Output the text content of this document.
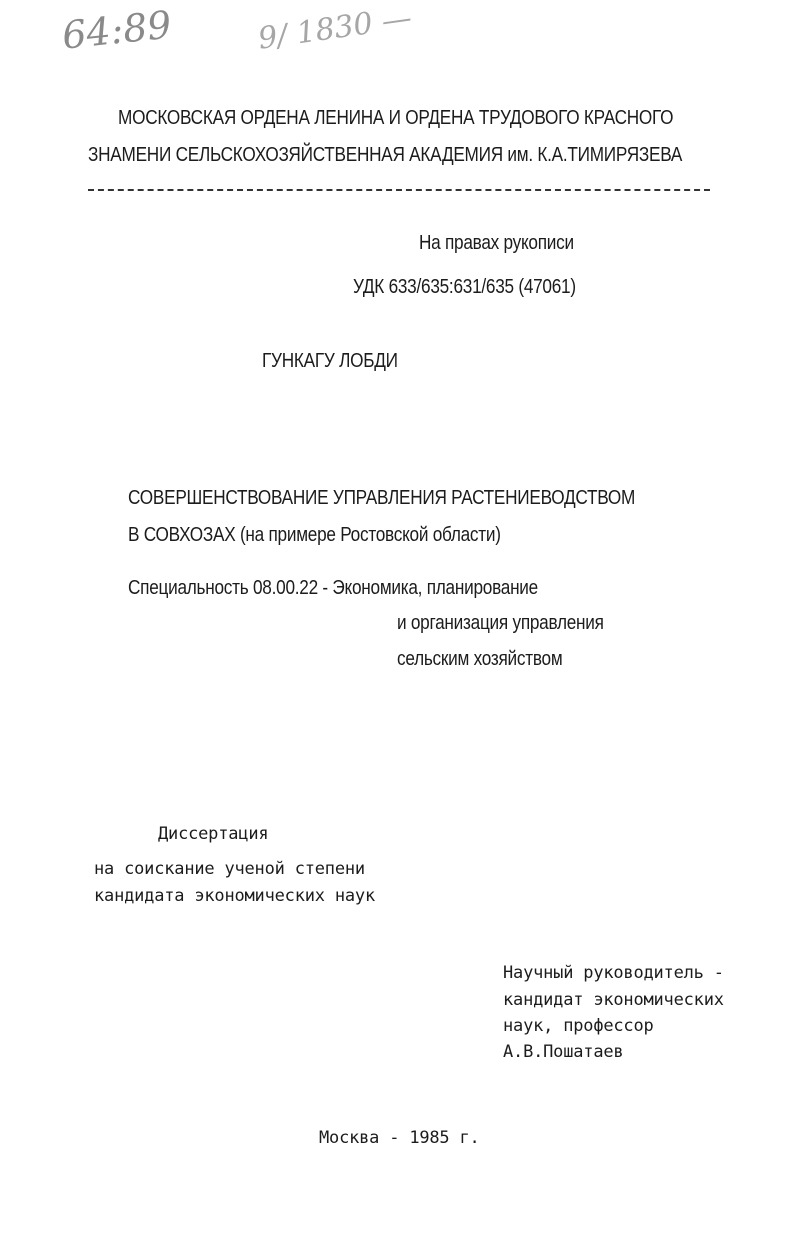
64:89	9/ 1830 —
МОСКОВСКАЯ ОРДЕНА ЛЕНИНА И ОРДЕНА ТРУДОВОГО КРАСНОГО
ЗНАМЕНИ СЕЛЬСКОХОЗЯЙСТВЕННАЯ АКАДЕМИЯ им. К.А.ТИМИРЯЗЕВА
На правах рукописи
УДК 633/635:631/635 (47061)
ГУНКАГУ ЛОБДИ
СОВЕРШЕНСТВОВАНИЕ УПРАВЛЕНИЯ РАСТЕНИЕВОДСТВОМ
В СОВХОЗАХ (на примере Ростовской области)
Специальность 08.00.22 - Экономика, планирование
и организация управления
сельским хозяйством
Диссертация
на соискание ученой степени
кандидата экономических наук
Научный руководитель -
кандидат экономических
наук, профессор
А.В.Пошатаев
Москва - 1985 г.
